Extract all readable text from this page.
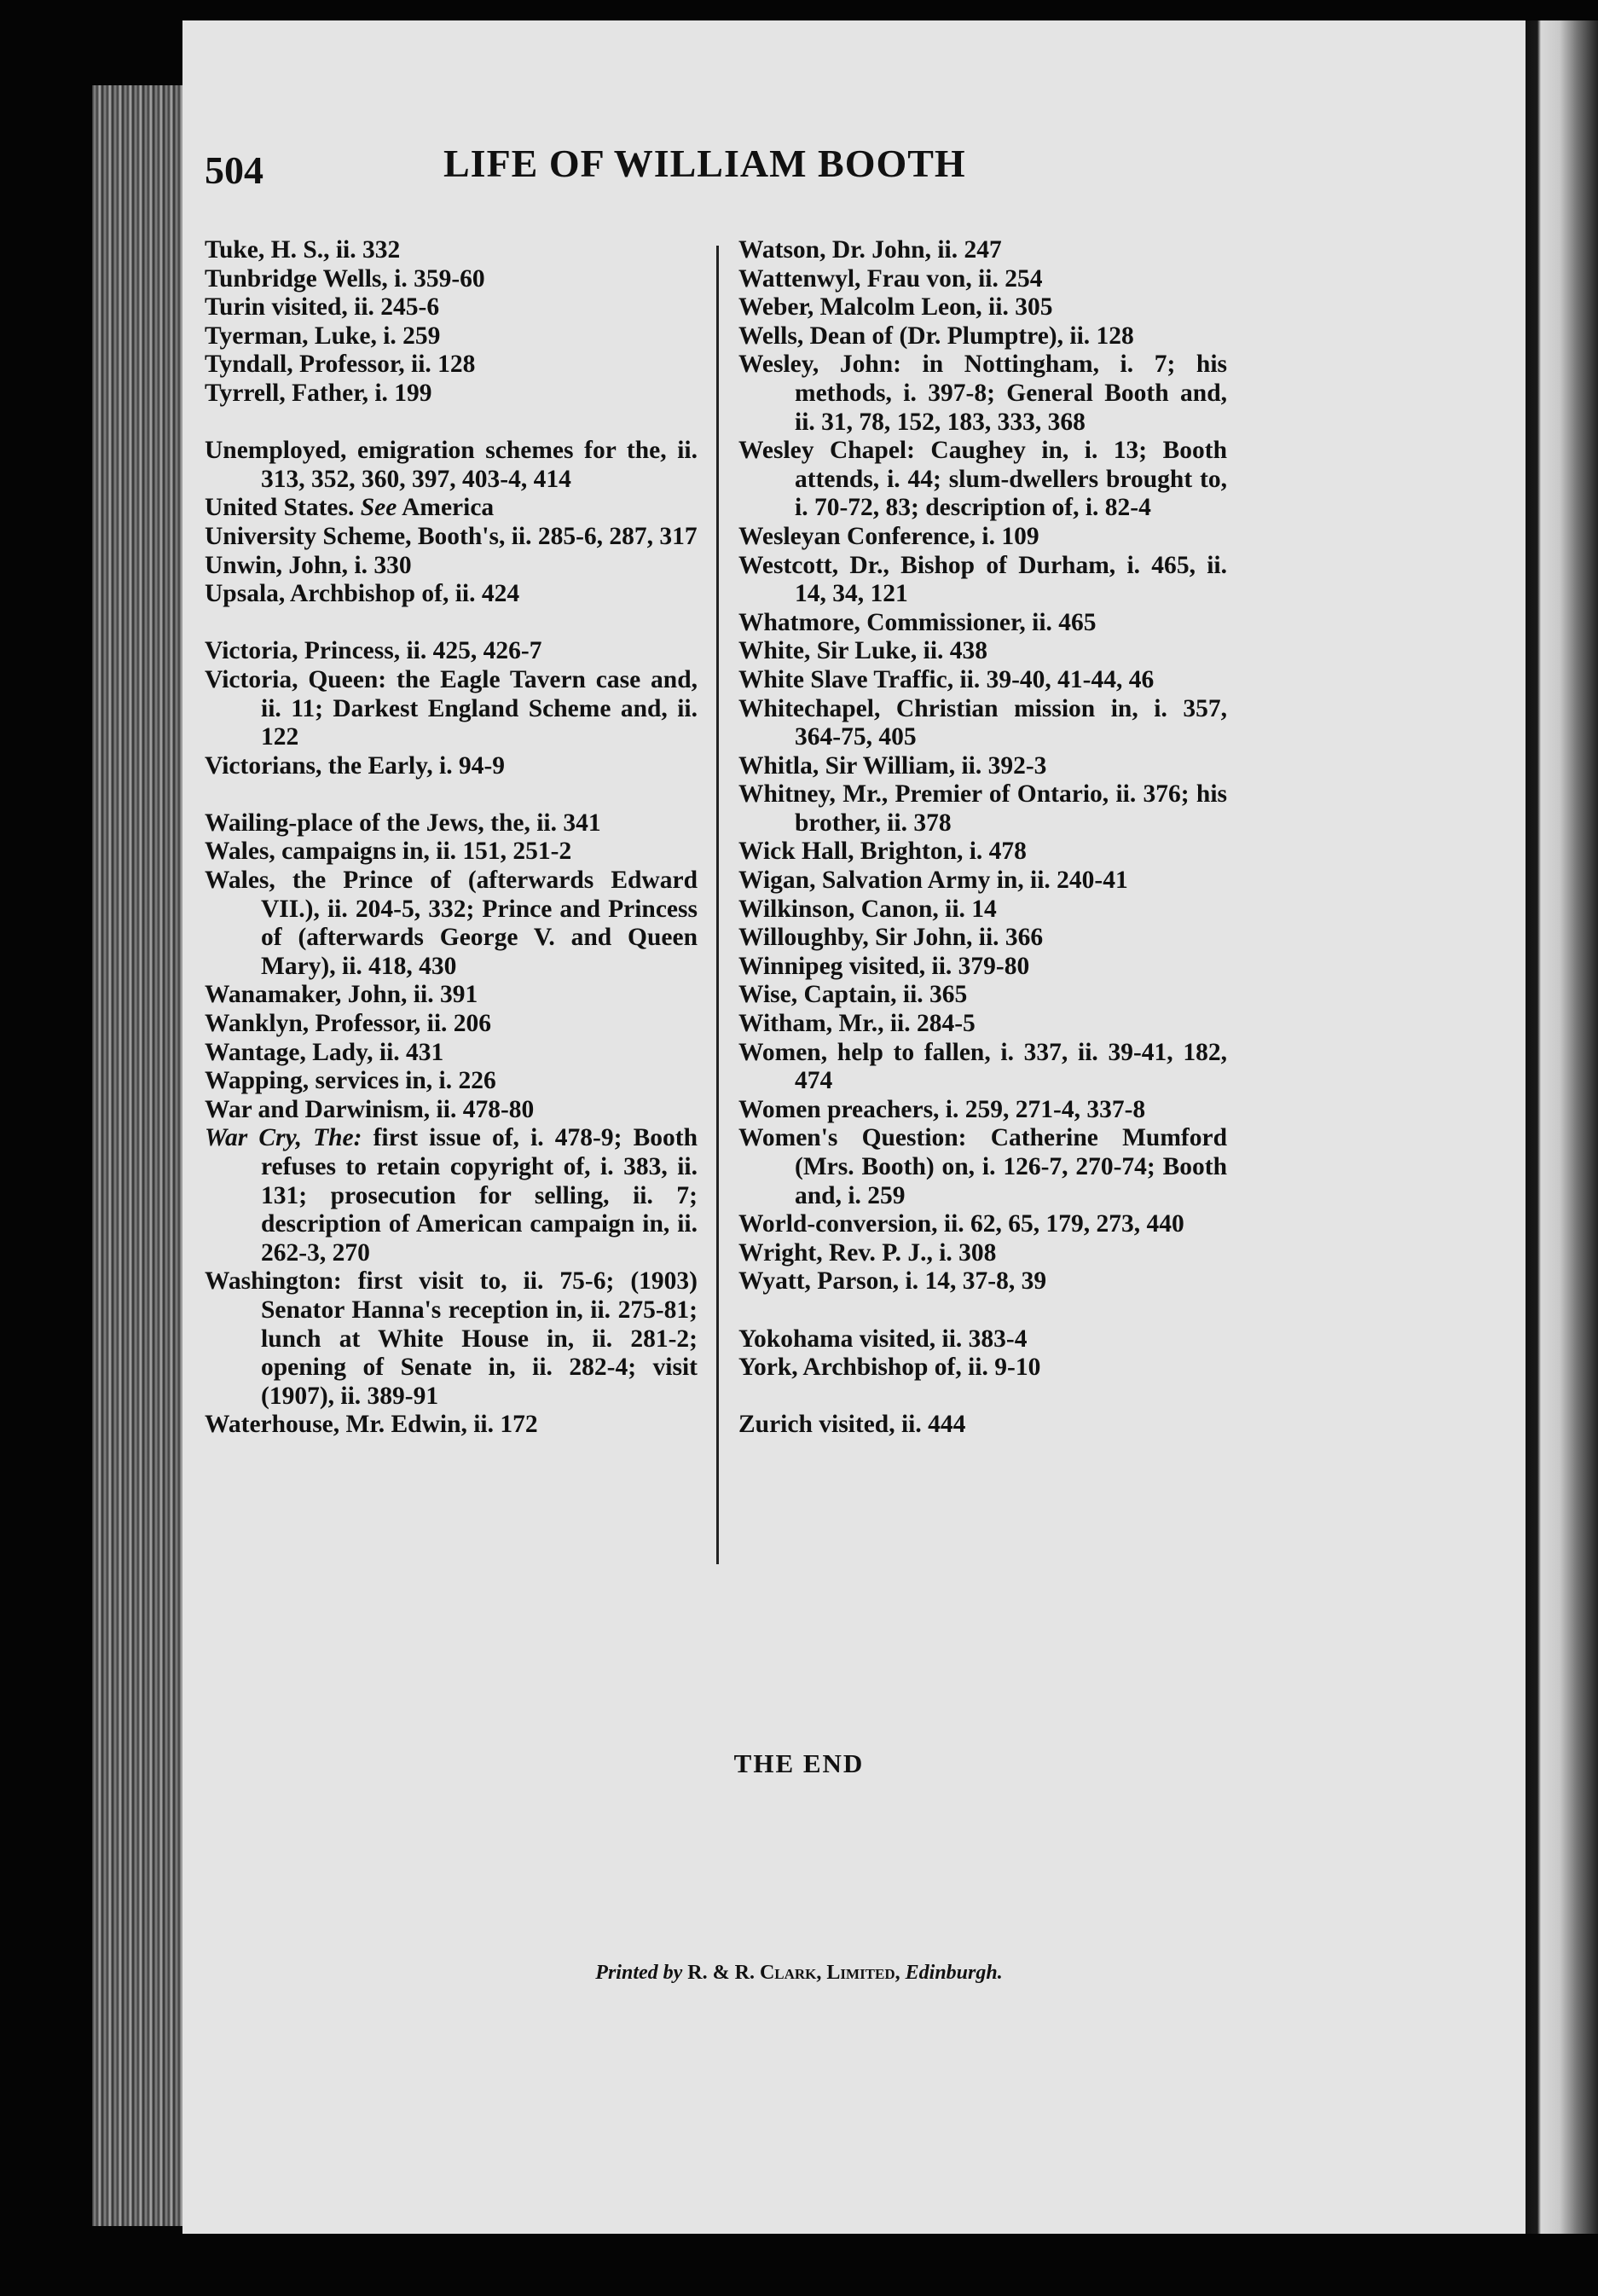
504	LIFE OF WILLIAM BOOTH

Tuke, H. S., ii. 332

Tunbridge Wells, i. 359-60

Turin visited, ii. 245-6

Tyerman, Luke, i. 259

Tyndall, Professor, ii. 128

Tyrrell, Father, i. 199

Unemployed, emigration schemes for the, ii. 313, 352, 360, 397, 403-4, 414

United States. See America

University Scheme, Booth's, ii. 285-6, 287, 317

Unwin, John, i. 330

Upsala, Archbishop of, ii. 424

Victoria, Princess, ii. 425, 426-7

Victoria, Queen: the Eagle Tavern case and, ii. 11; Darkest England Scheme and, ii. 122

Victorians, the Early, i. 94-9

Wailing-place of the Jews, the, ii. 341

Wales, campaigns in, ii. 151, 251-2

Wales, the Prince of (afterwards Edward VII.), ii. 204-5, 332; Prince and Princess of (afterwards George V. and Queen Mary), ii. 418, 430

Wanamaker, John, ii. 391

Wanklyn, Professor, ii. 206

Wantage, Lady, ii. 431

Wapping, services in, i. 226

War and Darwinism, ii. 478-80

War Cry, The: first issue of, i. 478-9; Booth refuses to retain copyright of, i. 383, ii. 131; prosecution for selling, ii. 7; description of American campaign in, ii. 262-3, 270

Washington: first visit to, ii. 75-6; (1903) Senator Hanna's reception in, ii. 275-81; lunch at White House in, ii. 281-2; opening of Senate in, ii. 282-4; visit (1907), ii. 389-91

Waterhouse, Mr. Edwin, ii. 172

Watson, Dr. John, ii. 247

Wattenwyl, Frau von, ii. 254

Weber, Malcolm Leon, ii. 305

Wells, Dean of (Dr. Plumptre), ii. 128

Wesley, John: in Nottingham, i. 7; his methods, i. 397-8; General Booth and, ii. 31, 78, 152, 183, 333, 368

Wesley Chapel: Caughey in, i. 13; Booth attends, i. 44; slum-dwellers brought to, i. 70-72, 83; description of, i. 82-4

Wesleyan Conference, i. 109

Westcott, Dr., Bishop of Durham, i. 465, ii. 14, 34, 121

Whatmore, Commissioner, ii. 465

White, Sir Luke, ii. 438

White Slave Traffic, ii. 39-40, 41-44, 46

Whitechapel, Christian mission in, i. 357, 364-75, 405

Whitla, Sir William, ii. 392-3

Whitney, Mr., Premier of Ontario, ii. 376; his brother, ii. 378

Wick Hall, Brighton, i. 478

Wigan, Salvation Army in, ii. 240-41

Wilkinson, Canon, ii. 14

Willoughby, Sir John, ii. 366

Winnipeg visited, ii. 379-80

Wise, Captain, ii. 365

Witham, Mr., ii. 284-5

Women, help to fallen, i. 337, ii. 39-41, 182, 474

Women preachers, i. 259, 271-4, 337-8

Women's Question: Catherine Mumford (Mrs. Booth) on, i. 126-7, 270-74; Booth and, i. 259

World-conversion, ii. 62, 65, 179, 273, 440

Wright, Rev. P. J., i. 308

Wyatt, Parson, i. 14, 37-8, 39

Yokohama visited, ii. 383-4

York, Archbishop of, ii. 9-10

Zurich visited, ii. 444

THE END
Printed by R. & R. Clark, Limited, Edinburgh.
